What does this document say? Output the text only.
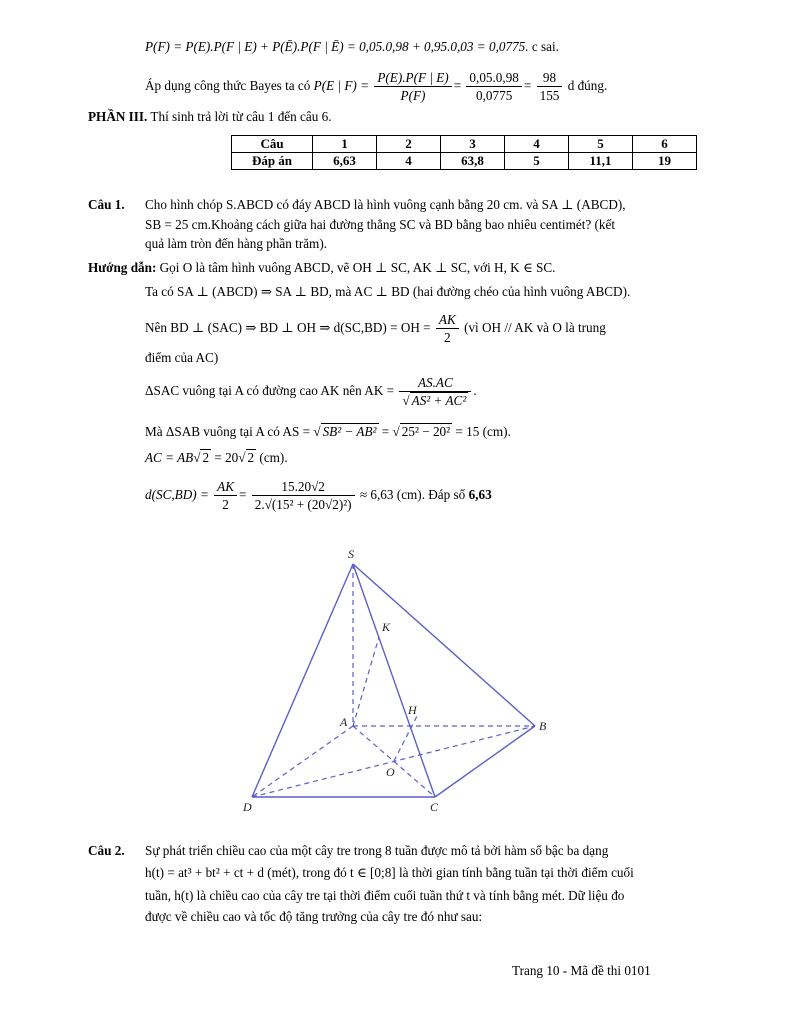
P(F) = P(E).P(F | E) + P(Ē).P(F | Ē) = 0,05.0,98 + 0,95.0,03 = 0,0775. c sai.
Áp dụng công thức Bayes ta có P(E | $F) = \frac{P(E).P(F | E)}{P(F)} = \frac{0,05.0,98}{0,0775} = \frac{98}{155}$ d đúng.
PHẦN III. Thí sinh trả lời từ câu 1 đến câu 6.
Câu	1	2	3	4	5	6
Đáp án	6,63	4	63,8	5	11,1	19
Câu 1. Cho hình chóp S.ABCD có đáy ABCD là hình vuông cạnh bằng 20 cm. và SA ⊥ (ABCD),
SB = 25 cm.Khoảng cách giữa hai đường thẳng SC và BD bằng bao nhiêu centimét? (kết
quả làm tròn đến hàng phần trăm).
Hướng dẫn: Gọi O là tâm hình vuông ABCD, vẽ OH ⊥ SC, AK ⊥ SC, với H, K ∈ SC.
Ta có SA ⊥ (ABCD) ⇒ SA ⊥ BD, mà AC ⊥ BD (hai đường chéo của hình vuông ABCD).
Nên BD ⊥ (SAC) ⇒ BD ⊥ OH ⇒ d(SC,BD) = OH = $\frac{AK}{2}$ (vì OH // AK và O là trung
điểm của AC)
ΔSAC vuông tại A có đường cao AK nên AK = $\frac{AS.AC}{\text{√ AS² + AC²}}$ .
Mà ΔSAB vuông tại A có AS = √ SB² − AB² = √ 25² − 20² = 15 (cm).
AC = AB√ 2 = 20√ 2 (cm).
$d(SC,BD) = \frac{AK}{2} = \frac{15.20√2}{\text{2.√(15² + (20√2)²)}} \approx 6,63$ (cm). Đáp số 6,63
S
K
A
H
B
O
D	C
Câu 2. Sự phát triển chiều cao của một cây tre trong 8 tuần được mô tả bởi hàm số bậc ba dạng
h(t) = at³ + bt² + ct + d (mét), trong đó t ∈ [0;8] là thời gian tính bằng tuần tại thời điểm cuối
tuần, h(t) là chiều cao của cây tre tại thời điểm cuối tuần thứ t và tính bằng mét. Dữ liệu đo
được về chiều cao và tốc độ tăng trưởng của cây tre đó như sau:
Trang 10 - Mã đề thi 0101
